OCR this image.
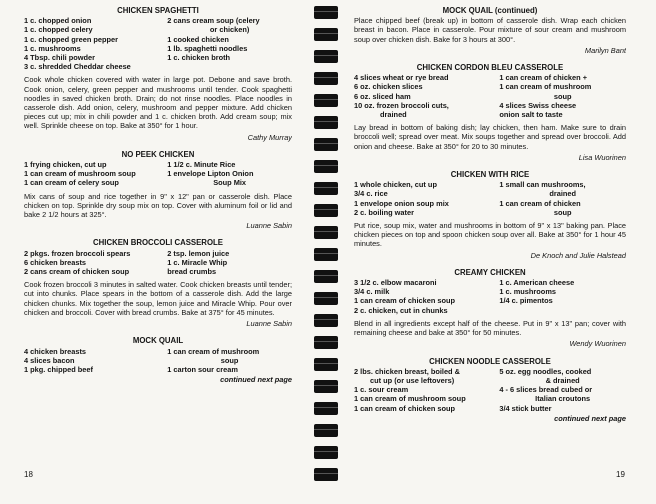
CHICKEN SPAGHETTI
1 c. chopped onion	2 cans cream soup (celery
1 c. chopped celery	or chicken)
1 c. chopped green pepper	1 cooked chicken
1 c. mushrooms	1 lb. spaghetti noodles
4 Tbsp. chili powder	1 c. chicken broth
3 c. shredded Cheddar cheese
Cook whole chicken covered with water in large pot. Debone and save broth. Cook onion, celery, green pepper and mushrooms until tender. Cook spaghetti noodles in saved chicken broth. Drain; do not rinse noodles. Place noodles in casserole dish. Add onion, celery, mushroom and pepper mixture. Add chicken pieces cut up; mix in chili powder and 1 c. chicken broth. Add cream soup; mix well. Sprinkle cheese on top. Bake at 350° for 1 hour.
Cathy Murray
NO PEEK CHICKEN
1 frying chicken, cut up	1 1/2 c. Minute Rice
1 can cream of mushroom soup	1 envelope Lipton Onion
1 can cream of celery soup	Soup Mix
Mix cans of soup and rice together in 9" x 12" pan or casserole dish. Place chicken on top. Sprinkle dry soup mix on top. Cover with aluminum foil or lid and bake 2 1/2 hours at 325°.
Luanne Sabin
CHICKEN BROCCOLI CASSEROLE
2 pkgs. frozen broccoli spears	2 tsp. lemon juice
6 chicken breasts	1 c. Miracle Whip
2 cans cream of chicken soup	bread crumbs
Cook frozen broccoli 3 minutes in salted water. Cook chicken breasts until tender; cut into chunks. Place spears in the bottom of a casserole dish. Add the large chicken chunks. Mix together the soup, lemon juice and Miracle Whip. Pour over chicken and broccoli. Cover with bread crumbs. Bake at 375° for 45 minutes.
Luanne Sabin
MOCK QUAIL
4 chicken breasts	1 can cream of mushroom
4 slices bacon	soup
1 pkg. chipped beef	1 carton sour cream
continued next page
18
MOCK QUAIL (continued)
Place chipped beef (break up) in bottom of casserole dish. Wrap each chicken breast in bacon. Place in casserole. Pour mixture of sour cream and mushroom soup over chicken dish. Bake for 3 hours at 300°.
Marilyn Bant
CHICKEN CORDON BLEU CASSEROLE
4 slices wheat or rye bread	1 can cream of chicken +
6 oz. chicken slices	1 can cream of mushroom
6 oz. sliced ham	soup
10 oz. frozen broccoli cuts,	4 slices Swiss cheese
drained	onion salt to taste
Lay bread in bottom of baking dish; lay chicken, then ham. Make sure to drain broccoli well; spread over meat. Mix soups together and spread over broccoli. Add onion and cheese. Bake at 350° for 20 to 30 minutes.
Lisa Wuorinen
CHICKEN WITH RICE
1 whole chicken, cut up	1 small can mushrooms,
3/4 c. rice	drained
1 envelope onion soup mix	1 can cream of chicken
2 c. boiling water	soup
Put rice, soup mix, water and mushrooms in bottom of 9" x 13" baking pan. Place chicken pieces on top and spoon chicken soup over all. Bake at 350° for 1 hour 45 minutes.
De Knoch and Julie Halstead
CREAMY CHICKEN
3 1/2 c. elbow macaroni	1 c. American cheese
3/4 c. milk	1 c. mushrooms
1 can cream of chicken soup	1/4 c. pimentos
2 c. chicken, cut in chunks
Blend in all ingredients except half of the cheese. Put in 9" x 13" pan; cover with remaining cheese and bake at 350° for 50 minutes.
Wendy Wuorinen
CHICKEN NOODLE CASSEROLE
2 lbs. chicken breast, boiled &	5 oz. egg noodles, cooked
cut up (or use leftovers)	& drained
1 c. sour cream	4 - 6 slices bread cubed or
1 can cream of mushroom soup	Italian croutons
1 can cream of chicken soup	3/4 stick butter
continued next page
19
